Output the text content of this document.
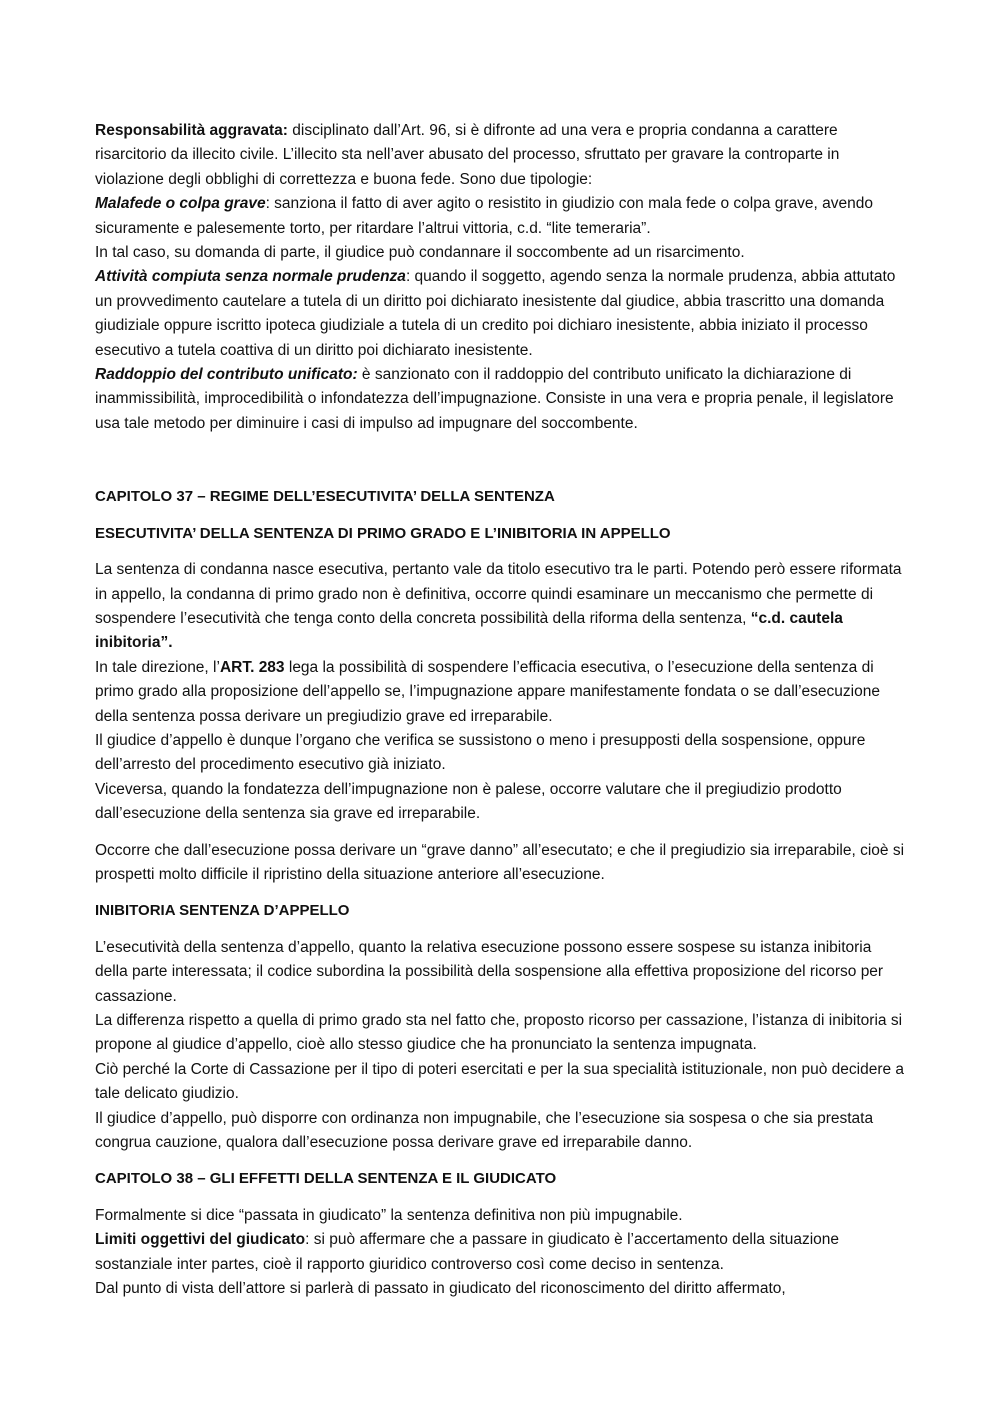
Responsabilità aggravata: disciplinato dall’Art. 96, si è difronte ad una vera e propria condanna a carattere risarcitorio da illecito civile. L’illecito sta nell’aver abusato del processo, sfruttato per gravare la controparte in violazione degli obblighi di correttezza e buona fede. Sono due tipologie:

Malafede o colpa grave: sanziona il fatto di aver agito o resistito in giudizio con mala fede o colpa grave, avendo sicuramente e palesemente torto, per ritardare l’altrui vittoria, c.d. “lite temeraria”.

In tal caso, su domanda di parte, il giudice può condannare il soccombente ad un risarcimento.

Attività compiuta senza normale prudenza: quando il soggetto, agendo senza la normale prudenza, abbia attutato un provvedimento cautelare a tutela di un diritto poi dichiarato inesistente dal giudice, abbia trascritto una domanda giudiziale oppure iscritto ipoteca giudiziale a tutela di un credito poi dichiaro inesistente, abbia iniziato il processo esecutivo a tutela coattiva di un diritto poi dichiarato inesistente.

Raddoppio del contributo unificato: è sanzionato con il raddoppio del contributo unificato la dichiarazione di inammissibilità, improcedibilità o infondatezza dell’impugnazione. Consiste in una vera e propria penale, il legislatore usa tale metodo per diminuire i casi di impulso ad impugnare del soccombente.

CAPITOLO 37 – REGIME DELL’ESECUTIVITA’ DELLA SENTENZA

ESECUTIVITA’ DELLA SENTENZA DI PRIMO GRADO E L’INIBITORIA IN APPELLO

La sentenza di condanna nasce esecutiva, pertanto vale da titolo esecutivo tra le parti. Potendo però essere riformata in appello, la condanna di primo grado non è definitiva, occorre quindi esaminare un meccanismo che permette di sospendere l’esecutività che tenga conto della concreta possibilità della riforma della sentenza, “c.d. cautela inibitoria”.

In tale direzione, l’ART. 283 lega la possibilità di sospendere l’efficacia esecutiva, o l’esecuzione della sentenza di primo grado alla proposizione dell’appello se, l’impugnazione appare manifestamente fondata o se dall’esecuzione della sentenza possa derivare un pregiudizio grave ed irreparabile.

Il giudice d’appello è dunque l’organo che verifica se sussistono o meno i presupposti della sospensione, oppure dell’arresto del procedimento esecutivo già iniziato.

Viceversa, quando la fondatezza dell’impugnazione non è palese, occorre valutare che il pregiudizio prodotto dall’esecuzione della sentenza sia grave ed irreparabile.

Occorre che dall’esecuzione possa derivare un “grave danno” all’esecutato; e che il pregiudizio sia irreparabile, cioè si prospetti molto difficile il ripristino della situazione anteriore all’esecuzione.

INIBITORIA SENTENZA D’APPELLO

L’esecutività della sentenza d’appello, quanto la relativa esecuzione possono essere sospese su istanza inibitoria della parte interessata; il codice subordina la possibilità della sospensione alla effettiva proposizione del ricorso per cassazione.

La differenza rispetto a quella di primo grado sta nel fatto che, proposto ricorso per cassazione, l’istanza di inibitoria si propone al giudice d’appello, cioè allo stesso giudice che ha pronunciato la sentenza impugnata.

Ciò perché la Corte di Cassazione per il tipo di poteri esercitati e per la sua specialità istituzionale, non può decidere a tale delicato giudizio.

Il giudice d’appello, può disporre con ordinanza non impugnabile, che l’esecuzione sia sospesa o che sia prestata congrua cauzione, qualora dall’esecuzione possa derivare grave ed irreparabile danno.

CAPITOLO 38 – GLI EFFETTI DELLA SENTENZA E IL GIUDICATO

Formalmente si dice “passata in giudicato” la sentenza definitiva non più impugnabile.

Limiti oggettivi del giudicato: si può affermare che a passare in giudicato è l’accertamento della situazione sostanziale inter partes, cioè il rapporto giuridico controverso così come deciso in sentenza.

Dal punto di vista dell’attore si parlerà di passato in giudicato del riconoscimento del diritto affermato,
